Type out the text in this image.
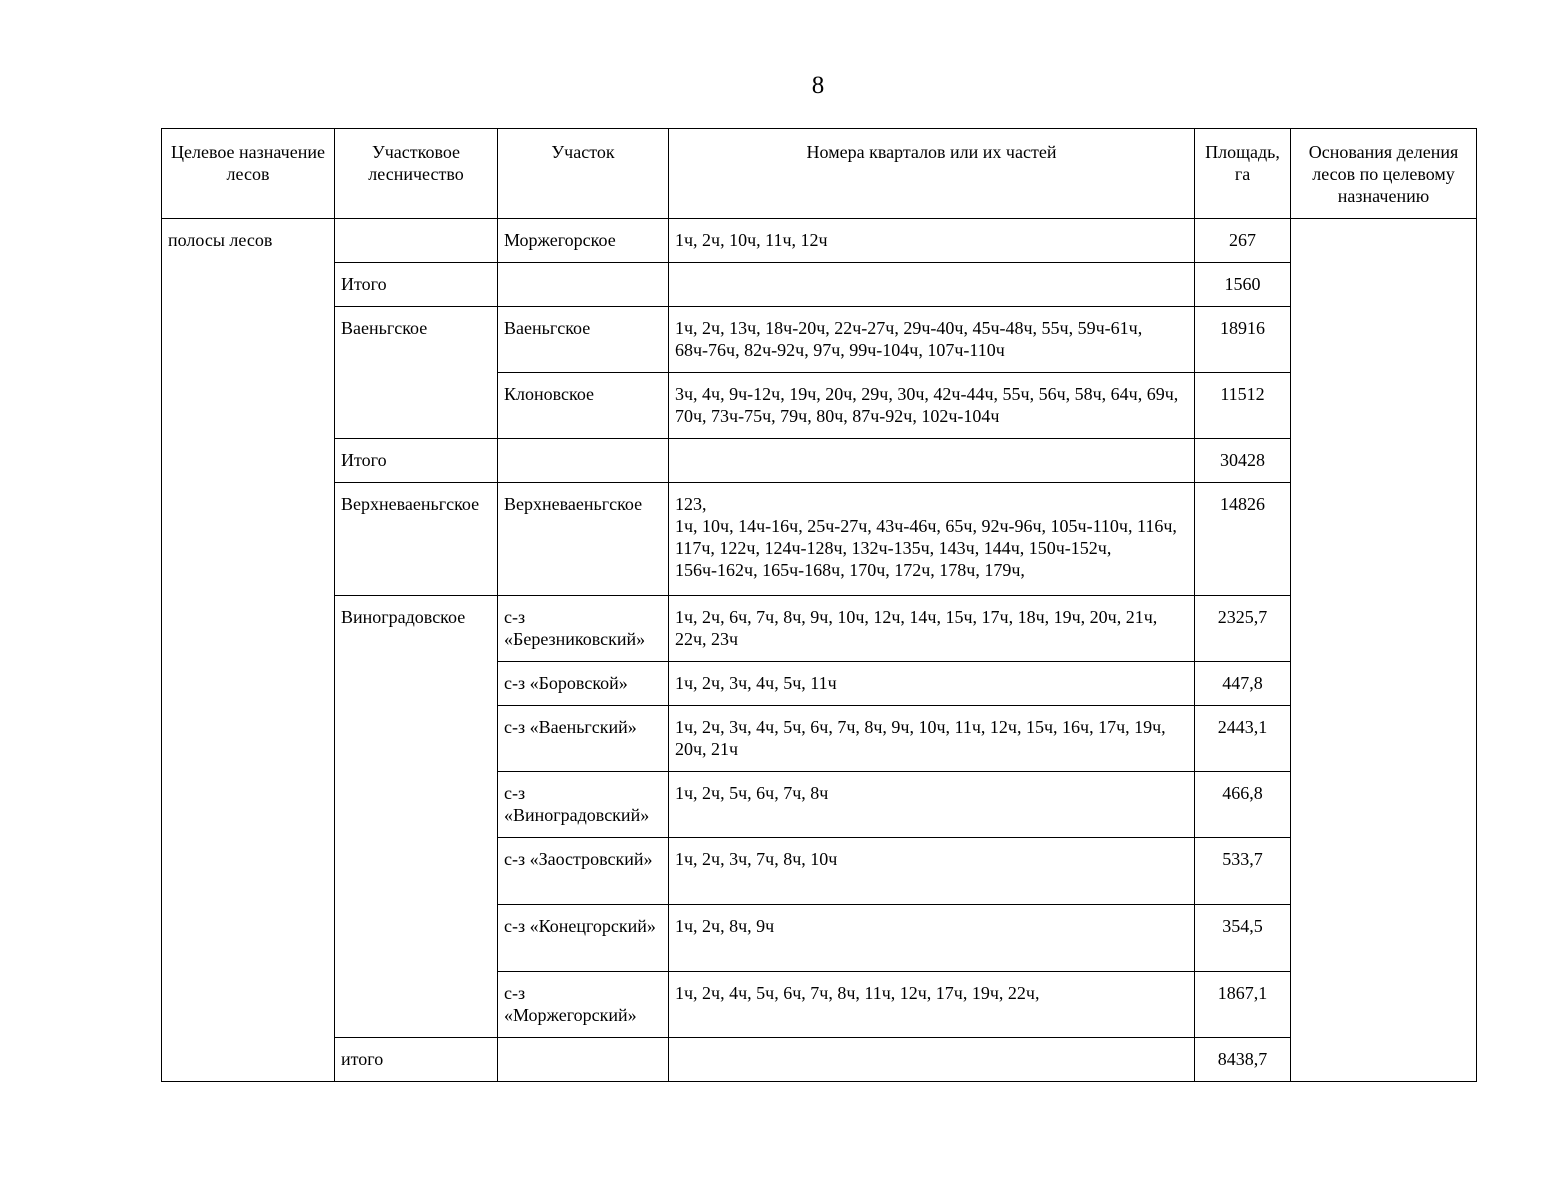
8
Целевое назначение лесов	Участковое лесничество	Участок	Номера кварталов или их частей	Площадь, га	Основания деления лесов по целевому назначению
полосы лесов		Моржегорское	1ч, 2ч, 10ч, 11ч, 12ч	267	
	Итого			1560	
	Ваеньгское	Ваеньгское	1ч, 2ч, 13ч, 18ч-20ч, 22ч-27ч, 29ч-40ч, 45ч-48ч, 55ч, 59ч-61ч, 68ч-76ч, 82ч-92ч, 97ч, 99ч-104ч, 107ч-110ч	18916	
		Клоновское	3ч, 4ч, 9ч-12ч, 19ч, 20ч, 29ч, 30ч, 42ч-44ч, 55ч, 56ч, 58ч, 64ч, 69ч, 70ч, 73ч-75ч, 79ч, 80ч, 87ч-92ч, 102ч-104ч	11512	
	Итого			30428	
	Верхневаеньгское	Верхневаеньгское	123,
1ч, 10ч, 14ч-16ч, 25ч-27ч, 43ч-46ч, 65ч, 92ч-96ч, 105ч-110ч, 116ч, 117ч, 122ч, 124ч-128ч, 132ч-135ч, 143ч, 144ч, 150ч-152ч, 156ч-162ч, 165ч-168ч, 170ч, 172ч, 178ч, 179ч,	14826	
	Виноградовское	с-з «Березниковский»	1ч, 2ч, 6ч, 7ч, 8ч, 9ч, 10ч, 12ч, 14ч, 15ч, 17ч, 18ч, 19ч, 20ч, 21ч, 22ч, 23ч	2325,7	
		с-з «Боровской»	1ч, 2ч, 3ч, 4ч, 5ч, 11ч	447,8	
		с-з «Ваеньгский»	1ч, 2ч, 3ч, 4ч, 5ч, 6ч, 7ч, 8ч, 9ч, 10ч, 11ч, 12ч, 15ч, 16ч, 17ч, 19ч, 20ч, 21ч	2443,1	
		с-з «Виноградовский»	1ч, 2ч, 5ч, 6ч, 7ч, 8ч	466,8	
		с-з «Заостровский»	1ч, 2ч, 3ч, 7ч, 8ч, 10ч	533,7	
		с-з «Конецгорский»	1ч, 2ч, 8ч, 9ч	354,5	
		с-з «Моржегорский»	1ч, 2ч, 4ч, 5ч, 6ч, 7ч, 8ч, 11ч, 12ч, 17ч, 19ч, 22ч,	1867,1	
	итого			8438,7	
